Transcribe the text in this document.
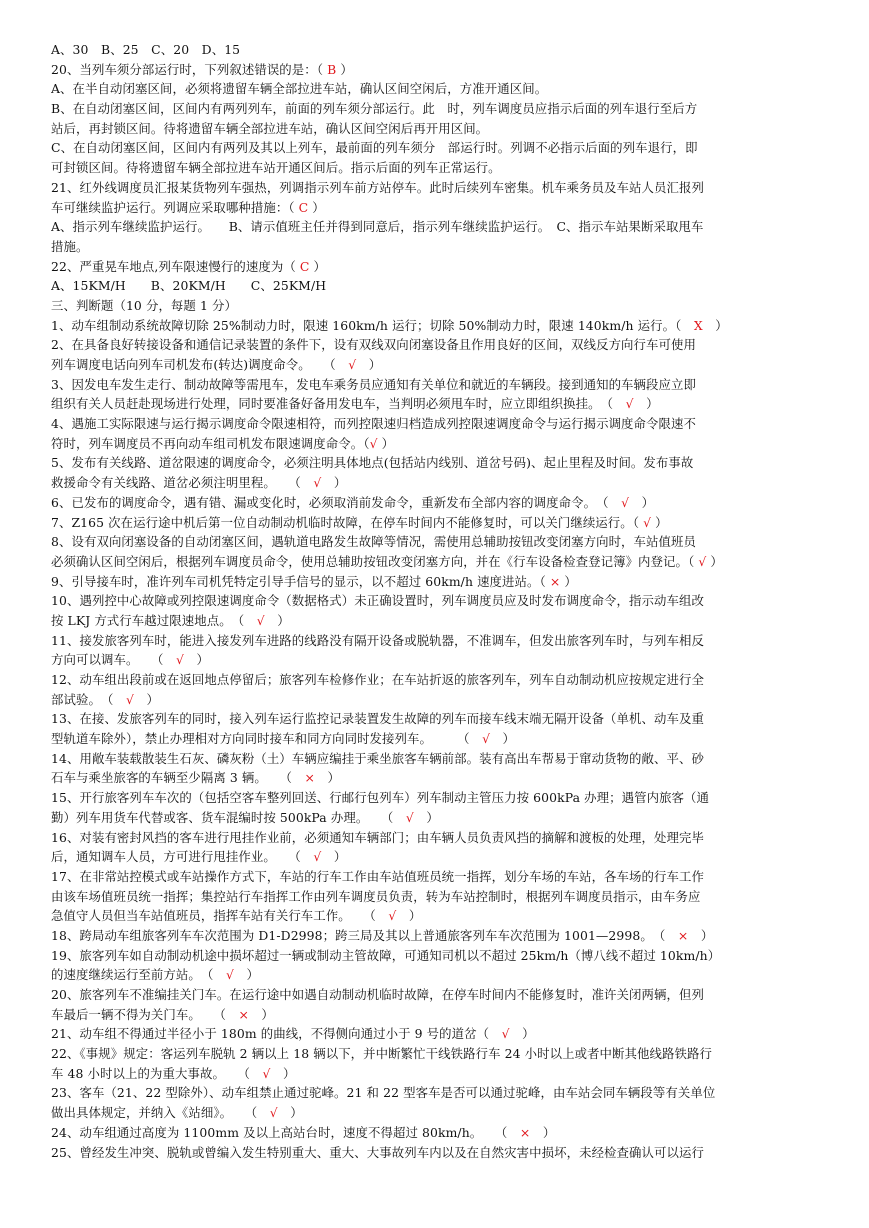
A、30　B、25　C、20　D、15
20、当列车须分部运行时，下列叙述错误的是：（ B ）
A、在半自动闭塞区间，必须将遗留车辆全部拉进车站，确认区间空闲后，方准开通区间。
B、在自动闭塞区间，区间内有两列列车，前面的列车须分部运行。此　时，列车调度员应指示后面的列车退行至后方
站后，再封锁区间。待将遗留车辆全部拉进车站，确认区间空闲后再开用区间。
C、在自动闭塞区间，区间内有两列及其以上列车，最前面的列车须分　部运行时。列调不必指示后面的列车退行，即
可封锁区间。待将遗留车辆全部拉进车站开通区间后。指示后面的列车正常运行。
21、红外线调度员汇报某货物列车强热，列调指示列车前方站停车。此时后续列车密集。机车乘务员及车站人员汇报列
车可继续监护运行。列调应采取哪种措施：（ C ）
A、指示列车继续监护运行。　　B、请示值班主任并得到同意后，指示列车继续监护运行。　C、指示车站果断采取甩车
措施。
22、严重晃车地点,列车限速慢行的速度为（ C ）
A、15KM/H　　B、20KM/H　　C、25KM/H
三、判断题（10 分，每题 1 分）
1、动车组制动系统故障切除 25%制动力时，限速 160km/h 运行；切除 50%制动力时，限速 140km/h 运行。（　X　）
2、在具备良好转接设备和通信记录装置的条件下，设有双线双向闭塞设备且作用良好的区间，双线反方向行车可使用
列车调度电话向列车司机发布(转达)调度命令。　　（　√　）
3、因发电车发生走行、制动故障等需甩车，发电车乘务员应通知有关单位和就近的车辆段。接到通知的车辆段应立即
组织有关人员赶赴现场进行处理，同时要准备好备用发电车，当判明必须甩车时，应立即组织换挂。　（　√　）
4、遇施工实际限速与运行揭示调度命令限速相符，而列控限速归档造成列控限速调度命令与运行揭示调度命令限速不
符时，列车调度员不再向动车组司机发布限速调度命令。（√ ）
5、发布有关线路、道岔限速的调度命令，必须注明具体地点(包括站内线别、道岔号码)、起止里程及时间。发布事故
救援命令有关线路、道岔必须注明里程。　　（　√　）
6、已发布的调度命令，遇有错、漏或变化时，必须取消前发命令，重新发布全部内容的调度命令。　（　√　）
7、Z165 次在运行途中机后第一位自动制动机临时故障，在停车时间内不能修复时，可以关门继续运行。（ √ ）
8、设有双向闭塞设备的自动闭塞区间，遇轨道电路发生故障等情况，需使用总辅助按钮改变闭塞方向时，车站值班员
必须确认区间空闲后，根据列车调度员命令，使用总辅助按钮改变闭塞方向，并在《行车设备检查登记簿》内登记。（ √ ）
9、引导接车时，准许列车司机凭特定引导手信号的显示，以不超过 60km/h 速度进站。（ × ）
10、遇列控中心故障或列控限速调度命令（数据格式）未正确设置时，列车调度员应及时发布调度命令，指示动车组改
按 LKJ 方式行车越过限速地点。　（　√　）
11、接发旅客列车时，能进入接发列车进路的线路没有隔开设备或脱轨器，不准调车，但发出旅客列车时，与列车相反
方向可以调车。　　（　√　）
12、动车组出段前或在返回地点停留后；旅客列车检修作业；在车站折返的旅客列车，列车自动制动机应按规定进行全
部试验。　（　√　）
13、在接、发旅客列车的同时，接入列车运行监控记录装置发生故障的列车而接车线末端无隔开设备（单机、动车及重
型轨道车除外），禁止办理相对方向同时接车和同方向同时发接列车。　　　（　√　）
14、用敞车装载散装生石灰、磷灰粉（土）车辆应编挂于乘坐旅客车辆前部。装有高出车帮易于窜动货物的敞、平、砂
石车与乘坐旅客的车辆至少隔离 3 辆。　　（　×　）
15、开行旅客列车车次的（包括空客车整列回送、行邮行包列车）列车制动主管压力按 600kPa 办理；遇管内旅客（通
勤）列车用货车代替或客、货车混编时按 500kPa 办理。　　（　√　）
16、对装有密封风挡的客车进行甩挂作业前，必须通知车辆部门；由车辆人员负责风挡的摘解和渡板的处理，处理完毕
后，通知调车人员，方可进行甩挂作业。　　（　√　）
17、在非常站控模式或车站操作方式下，车站的行车工作由车站值班员统一指挥，划分车场的车站，各车场的行车工作
由该车场值班员统一指挥；集控站行车指挥工作由列车调度员负责，转为车站控制时，根据列车调度员指示，由车务应
急值守人员但当车站值班员，指挥车站有关行车工作。　　（　√　）
18、跨局动车组旅客列车车次范围为 D1-D2998；跨三局及其以上普通旅客列车车次范围为 1001—2998。　（　×　）
19、旅客列车如自动制动机途中损坏超过一辆或制动主管故障，可通知司机以不超过 25km/h（博八线不超过 10km/h）
的速度继续运行至前方站。　（　√　）
20、旅客列车不准编挂关门车。在运行途中如遇自动制动机临时故障，在停车时间内不能修复时，准许关闭两辆，但列
车最后一辆不得为关门车。　　（　×　）
21、动车组不得通过半径小于 180m 的曲线，不得侧向通过小于 9 号的道岔（　√　）
22、《事规》规定：客运列车脱轨 2 辆以上 18 辆以下，并中断繁忙干线铁路行车 24 小时以上或者中断其他线路铁路行
车 48 小时以上的为重大事故。　　（　√　）
23、客车（21、22 型除外）、动车组禁止通过驼峰。21 和 22 型客车是否可以通过驼峰，由车站会同车辆段等有关单位
做出具体规定，并纳入《站细》。　　（　√　）
24、动车组通过高度为 1100mm 及以上高站台时，速度不得超过 80km/h。　　（　×　）
25、曾经发生冲突、脱轨或曾编入发生特别重大、重大、大事故列车内以及在自然灾害中损坏，未经检查确认可以运行
